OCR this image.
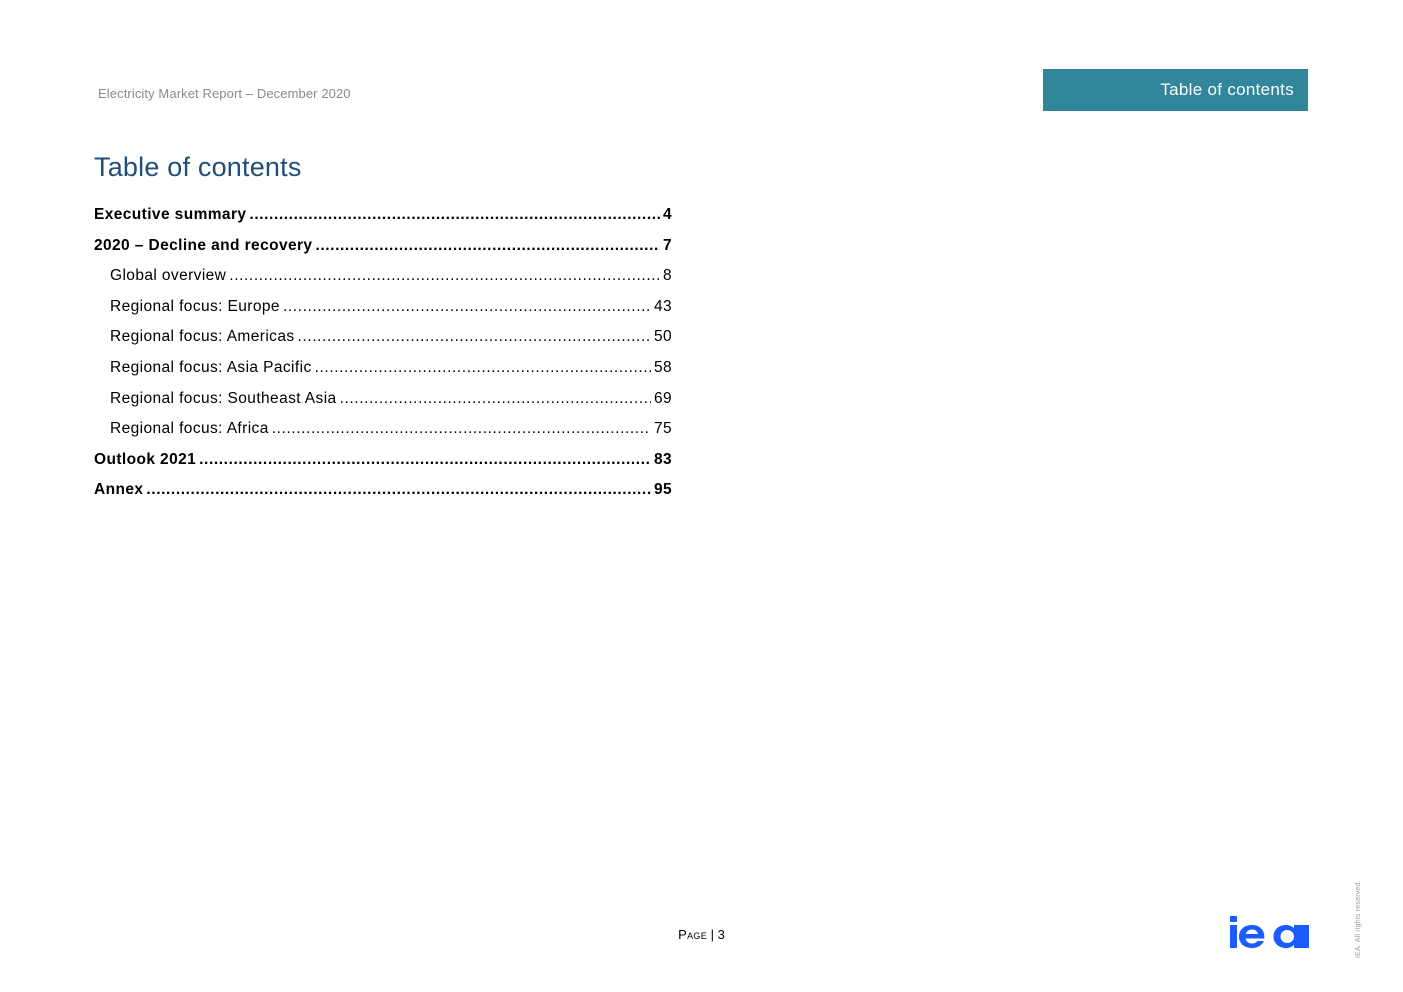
Electricity Market Report – December 2020	Table of contents
Table of contents
Executive summary .....	4
2020 – Decline and recovery .....	7
Global overview .....	8
Regional focus: Europe .....	43
Regional focus: Americas .....	50
Regional focus: Asia Pacific .....	58
Regional focus: Southeast Asia .....	69
Regional focus: Africa .....	75
Outlook 2021 .....	83
Annex .....	95
Page | 3	IEA. All rights reserved.
